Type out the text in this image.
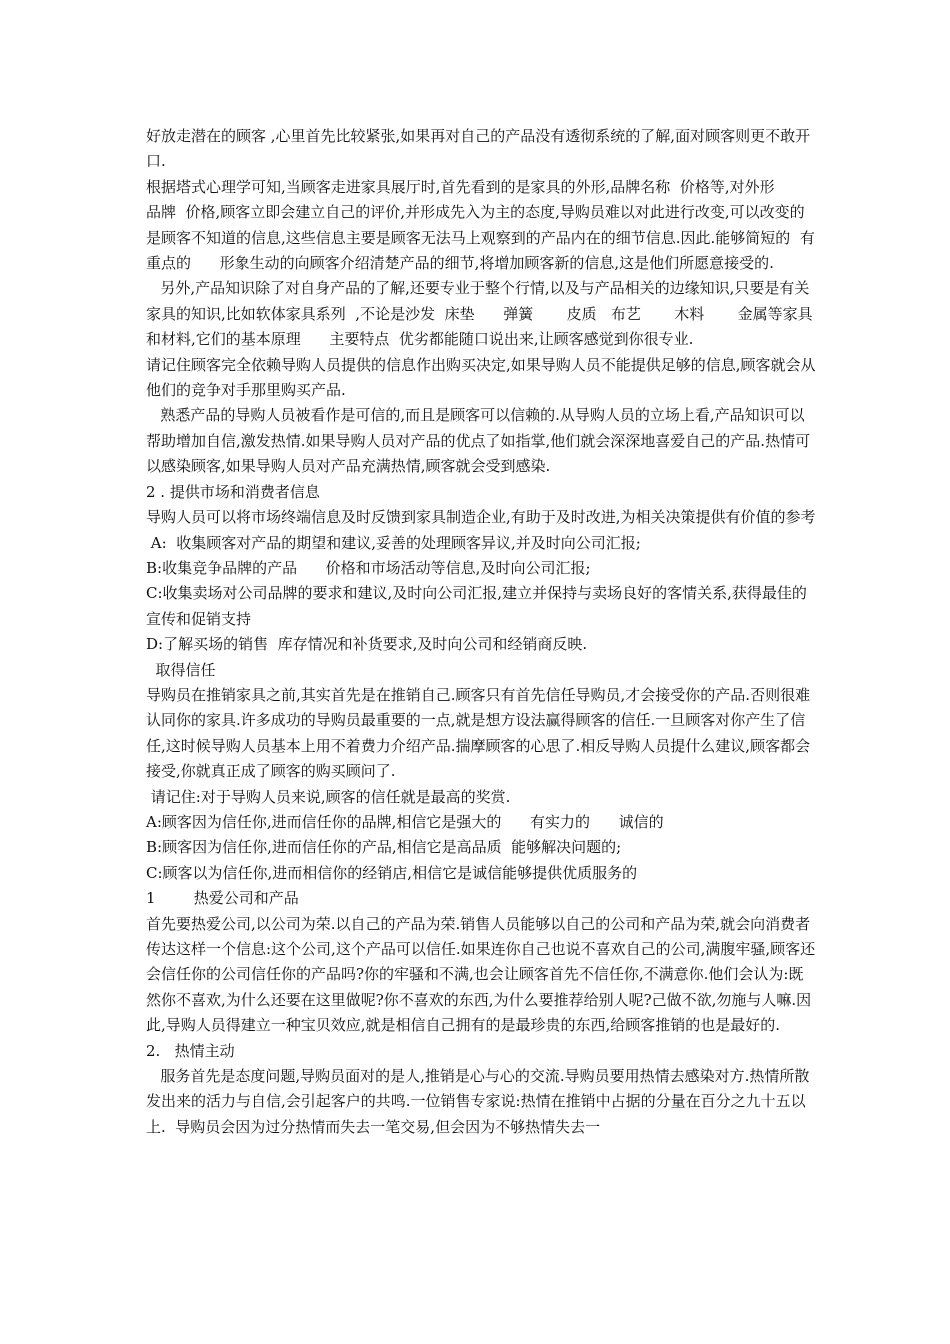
好放走潜在的顾客 ,心里首先比较紧张,如果再对自己的产品没有透彻系统的了解,面对顾客则更不敢开口.

根据塔式心理学可知,当顾客走进家具展厅时,首先看到的是家具的外形,品牌名称  价格等,对外形      品牌  价格,顾客立即会建立自己的评价,并形成先入为主的态度,导购员难以对此进行改变,可以改变的是顾客不知道的信息,这些信息主要是顾客无法马上观察到的产品内在的细节信息.因此.能够简短的  有重点的      形象生动的向顾客介绍清楚产品的细节,将增加顾客新的信息,这是他们所愿意接受的.

另外,产品知识除了对自身产品的了解,还要专业于整个行情,以及与产品相关的边缘知识,只要是有关家具的知识,比如软体家具系列  ,不论是沙发  床垫      弹簧       皮质   布艺       木料       金属等家具和材料,它们的基本原理      主要特点  优劣都能随口说出来,让顾客感觉到你很专业.

请记住顾客完全依赖导购人员提供的信息作出购买决定,如果导购人员不能提供足够的信息,顾客就会从他们的竞争对手那里购买产品.

熟悉产品的导购人员被看作是可信的,而且是顾客可以信赖的.从导购人员的立场上看,产品知识可以帮助增加自信,激发热情.如果导购人员对产品的优点了如指掌,他们就会深深地喜爱自己的产品.热情可以感染顾客,如果导购人员对产品充满热情,顾客就会受到感染.

2 . 提供市场和消费者信息

导购人员可以将市场终端信息及时反馈到家具制造企业,有助于及时改进,为相关决策提供有价值的参考

A:  收集顾客对产品的期望和建议,妥善的处理顾客异议,并及时向公司汇报;

B:收集竞争品牌的产品      价格和市场活动等信息,及时向公司汇报;

C:收集卖场对公司品牌的要求和建议,及时向公司汇报,建立并保持与卖场良好的客情关系,获得最佳的宣传和促销支持

D:了解买场的销售  库存情况和补货要求,及时向公司和经销商反映.

取得信任

导购员在推销家具之前,其实首先是在推销自己.顾客只有首先信任导购员,才会接受你的产品.否则很难认同你的家具.许多成功的导购员最重要的一点,就是想方设法赢得顾客的信任.一旦顾客对你产生了信任,这时候导购人员基本上用不着费力介绍产品.揣摩顾客的心思了.相反导购人员提什么建议,顾客都会接受,你就真正成了顾客的购买顾问了.

请记住:对于导购人员来说,顾客的信任就是最高的奖赏.

A:顾客因为信任你,进而信任你的品牌,相信它是强大的      有实力的      诚信的

B:顾客因为信任你,进而信任你的产品,相信它是高品质  能够解决问题的;

C:顾客以为信任你,进而相信你的经销店,相信它是诚信能够提供优质服务的

1        热爱公司和产品

首先要热爱公司,以公司为荣.以自己的产品为荣.销售人员能够以自己的公司和产品为荣,就会向消费者传达这样一个信息:这个公司,这个产品可以信任.如果连你自己也说不喜欢自己的公司,满腹牢骚,顾客还会信任你的公司信任你的产品吗?你的牢骚和不满,也会让顾客首先不信任你,不满意你.他们会认为:既然你不喜欢,为什么还要在这里做呢?你不喜欢的东西,为什么要推荐给别人呢?己做不欲,勿施与人嘛.因此,导购人员得建立一种宝贝效应,就是相信自己拥有的是最珍贵的东西,给顾客推销的也是最好的.

2.   热情主动

服务首先是态度问题,导购员面对的是人,推销是心与心的交流.导购员要用热情去感染对方.热情所散发出来的活力与自信,会引起客户的共鸣.一位销售专家说:热情在推销中占据的分量在百分之九十五以上.  导购员会因为过分热情而失去一笔交易,但会因为不够热情失去一
